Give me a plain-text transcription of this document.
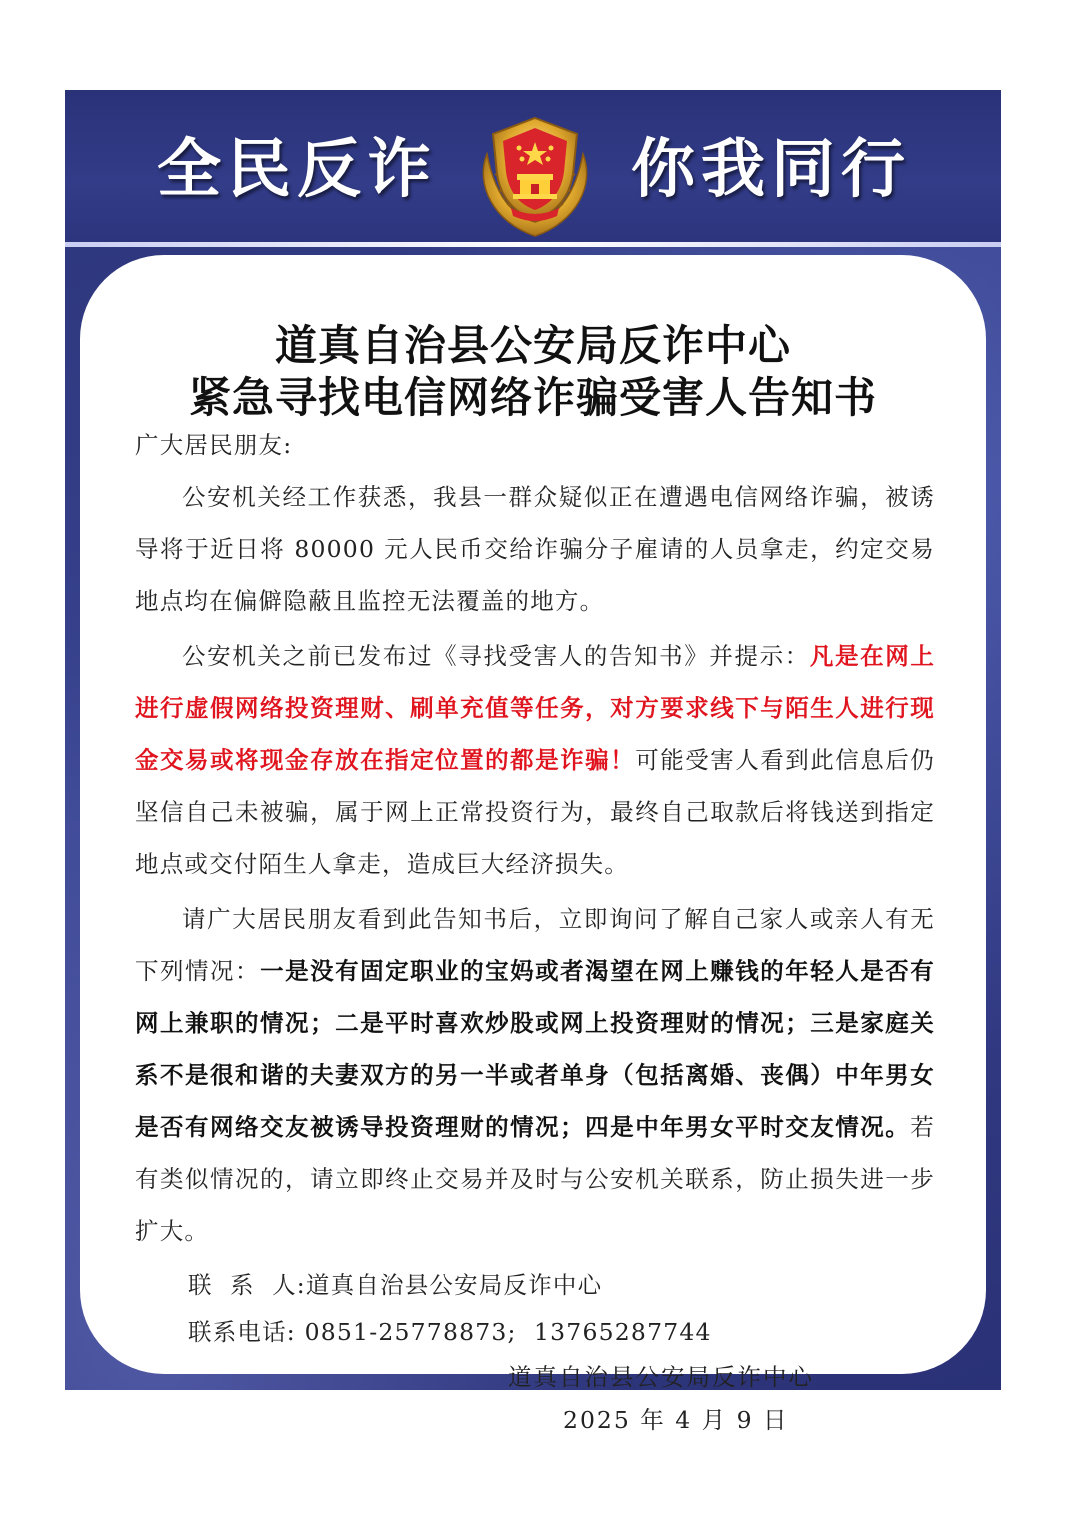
全民反诈	你我同行
道真自治县公安局反诈中心
紧急寻找电信网络诈骗受害人告知书

广大居民朋友:

公安机关经工作获悉，我县一群众疑似正在遭遇电信网络诈骗，被诱导将于近日将 80000 元人民币交给诈骗分子雇请的人员拿走，约定交易地点均在偏僻隐蔽且监控无法覆盖的地方。

公安机关之前已发布过《寻找受害人的告知书》并提示：凡是在网上进行虚假网络投资理财、刷单充值等任务，对方要求线下与陌生人进行现金交易或将现金存放在指定位置的都是诈骗！可能受害人看到此信息后仍坚信自己未被骗，属于网上正常投资行为，最终自己取款后将钱送到指定地点或交付陌生人拿走，造成巨大经济损失。

请广大居民朋友看到此告知书后，立即询问了解自己家人或亲人有无下列情况：一是没有固定职业的宝妈或者渴望在网上赚钱的年轻人是否有网上兼职的情况；二是平时喜欢炒股或网上投资理财的情况；三是家庭关系不是很和谐的夫妻双方的另一半或者单身（包括离婚、丧偶）中年男女是否有网络交友被诱导投资理财的情况；四是中年男女平时交友情况。若有类似情况的，请立即终止交易并及时与公安机关联系，防止损失进一步扩大。

联  系  人:道真自治县公安局反诈中心

联系电话: 0851-25778873;  13765287744

道真自治县公安局反诈中心

2025 年 4 月 9 日
